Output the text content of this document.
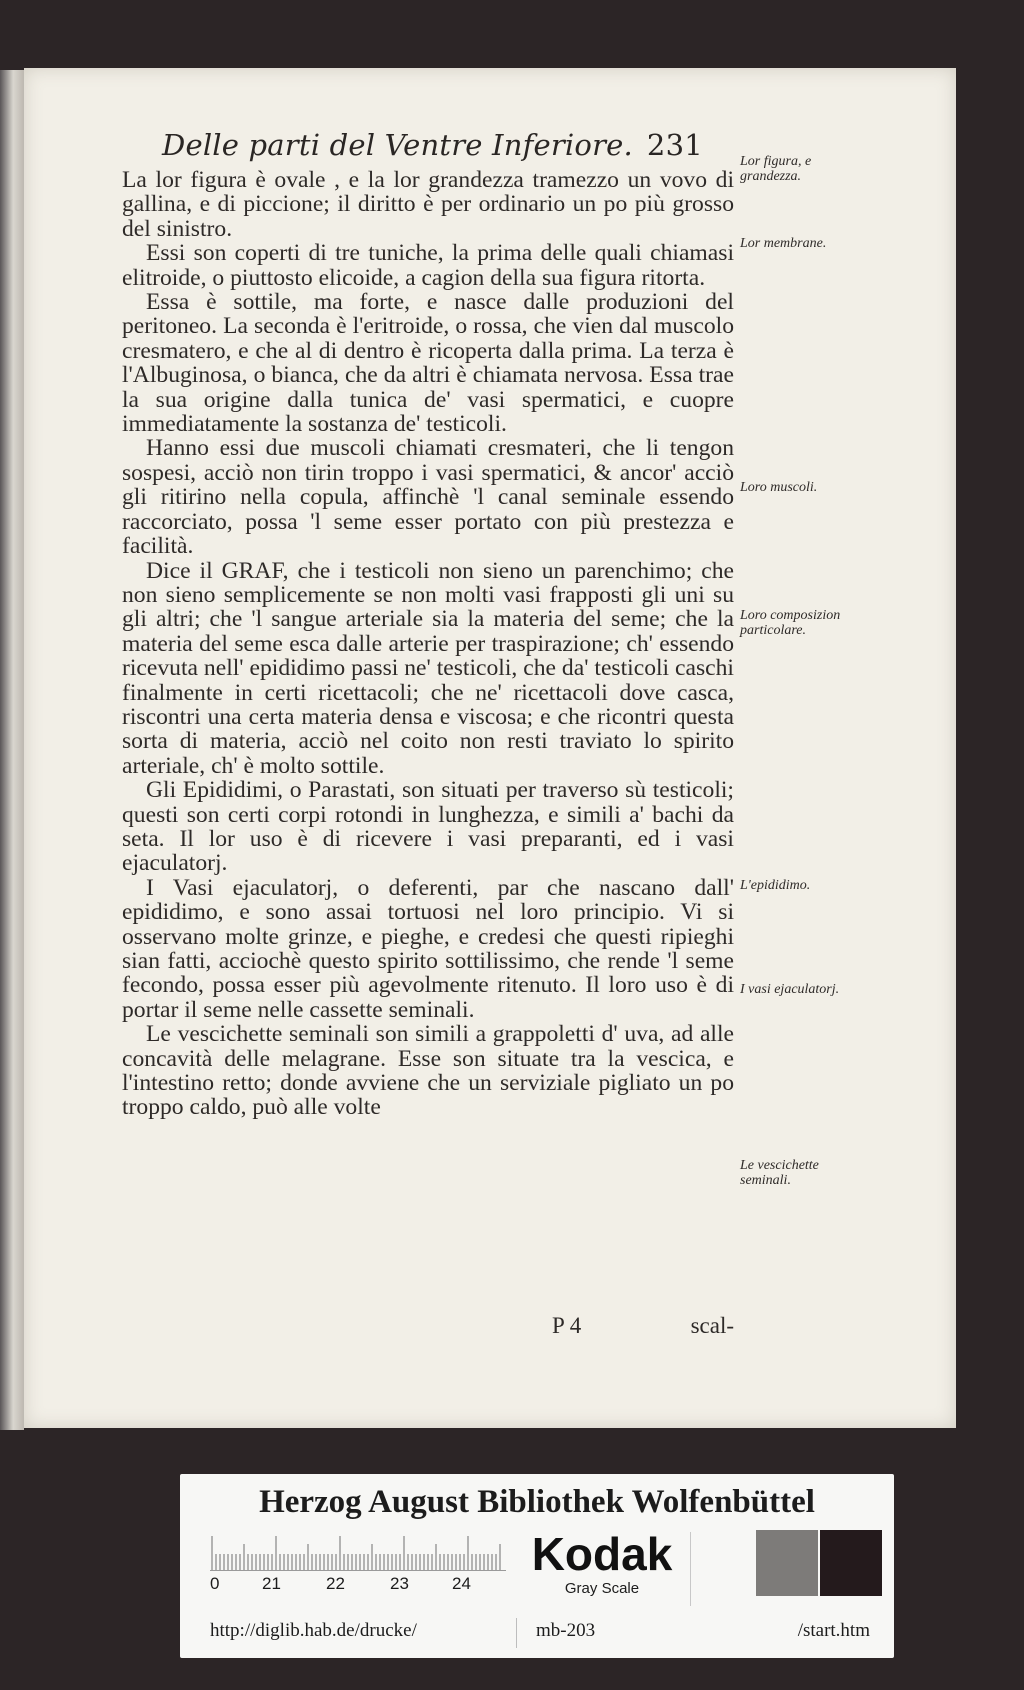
Delle parti del Ventre Inferiore. 231

La lor figura è ovale , e la lor grandezza tramezzo un vovo di gallina, e di piccione; il diritto è per ordinario un po più grosso del sinistro.

Essi son coperti di tre tuniche, la prima delle quali chiamasi elitroide, o piuttosto elicoide, a cagion della sua figura ritorta.

Essa è sottile, ma forte, e nasce dalle produzioni del peritoneo. La seconda è l'eritroide, o rossa, che vien dal muscolo cresmatero, e che al di dentro è ricoperta dalla prima. La terza è l'Albuginosa, o bianca, che da altri è chiamata nervosa. Essa trae la sua origine dalla tunica de' vasi spermatici, e cuopre immediatamente la sostanza de' testicoli.

Hanno essi due muscoli chiamati cresmateri, che li tengon sospesi, acciò non tirin troppo i vasi spermatici, & ancor' acciò gli ritirino nella copula, affinchè 'l canal seminale essendo raccorciato, possa 'l seme esser portato con più prestezza e facilità.

Dice il GRAF, che i testicoli non sieno un parenchimo; che non sieno semplicemente se non molti vasi frapposti gli uni su gli altri; che 'l sangue arteriale sia la materia del seme; che la materia del seme esca dalle arterie per traspirazione; ch' essendo ricevuta nell' epididimo passi ne' testicoli, che da' testicoli caschi finalmente in certi ricettacoli; che ne' ricettacoli dove casca, riscontri una certa materia densa e viscosa; e che ricontri questa sorta di materia, acciò nel coito non resti traviato lo spirito arteriale, ch' è molto sottile.

Gli Epididimi, o Parastati, son situati per traverso sù testicoli; questi son certi corpi rotondi in lunghezza, e simili a' bachi da seta. Il lor uso è di ricevere i vasi preparanti, ed i vasi ejaculatorj.

I Vasi ejaculatorj, o deferenti, par che nascano dall' epididimo, e sono assai tortuosi nel loro principio. Vi si osservano molte grinze, e pieghe, e credesi che questi ripieghi sian fatti, acciochè questo spirito sottilissimo, che rende 'l seme fecondo, possa esser più agevolmente ritenuto. Il loro uso è di portar il seme nelle cassette seminali.

Le vescichette seminali son simili a grappoletti d' uva, ad alle concavità delle melagrane. Esse son situate tra la vescica, e l'intestino retto; donde avviene che un serviziale pigliato un po troppo caldo, può alle volte

P 4	scal-
Lor figura, e grandezza.
Lor membrane.
Loro muscoli.
Loro composizion particolare.
L'epididimo.
I vasi ejaculatorj.
Le vescichette seminali.
Herzog August Bibliothek Wolfenbüttel
0	21	22	23	24
Kodak
Gray Scale
http://diglib.hab.de/drucke/	mb-203	/start.htm
